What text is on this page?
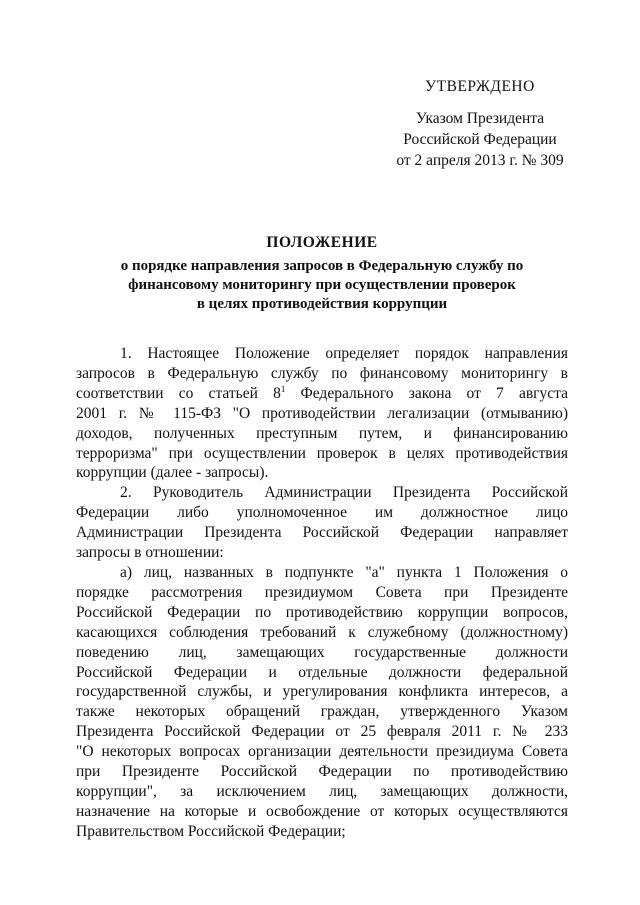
УТВЕРЖДЕНО
Указом Президента
Российской Федерации
от 2 апреля 2013 г. № 309
ПОЛОЖЕНИЕ
о порядке направления запросов в Федеральную службу по
финансовому мониторингу при осуществлении проверок
в целях противодействия коррупции
1. Настоящее Положение определяет порядок направления
запросов в Федеральную службу по финансовому мониторингу в
соответствии со статьей $8^1$ Федерального закона от 7 августа
2001 г. № 115-ФЗ "О противодействии легализации (отмыванию)
доходов, полученных преступным путем, и финансированию
терроризма" при осуществлении проверок в целях противодействия
коррупции (далее - запросы).
2. Руководитель Администрации Президента Российской
Федерации либо уполномоченное им должностное лицо
Администрации Президента Российской Федерации направляет
запросы в отношении:
а) лиц, названных в подпункте "а" пункта 1 Положения о
порядке рассмотрения президиумом Совета при Президенте
Российской Федерации по противодействию коррупции вопросов,
касающихся соблюдения требований к служебному (должностному)
поведению лиц, замещающих государственные должности
Российской Федерации и отдельные должности федеральной
государственной службы, и урегулирования конфликта интересов, а
также некоторых обращений граждан, утвержденного Указом
Президента Российской Федерации от 25 февраля 2011 г. № 233
"О некоторых вопросах организации деятельности президиума Совета
при Президенте Российской Федерации по противодействию
коррупции", за исключением лиц, замещающих должности,
назначение на которые и освобождение от которых осуществляются
Правительством Российской Федерации;
